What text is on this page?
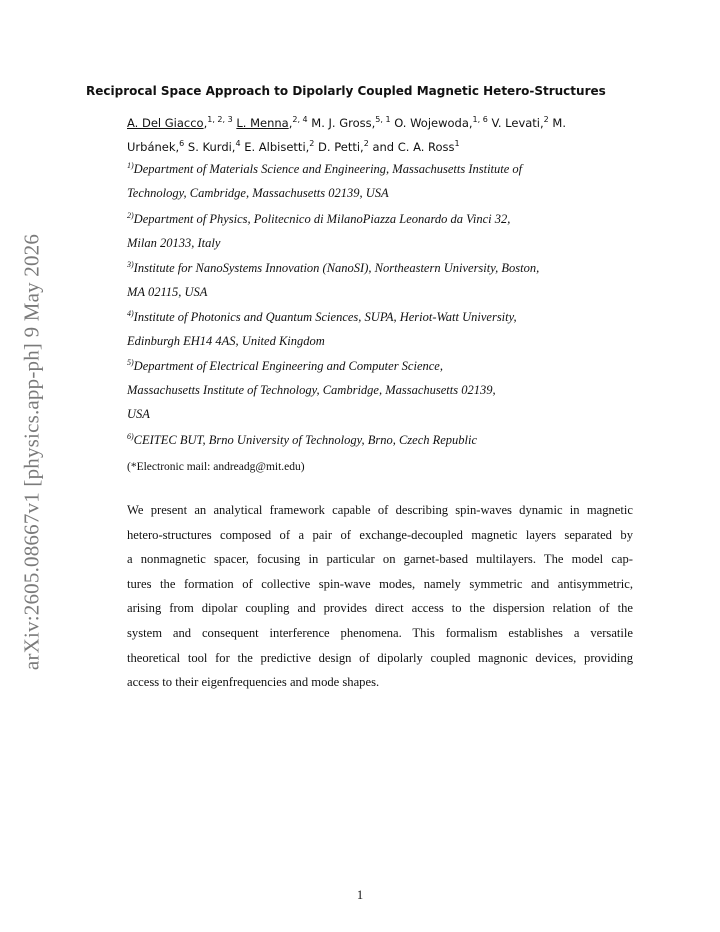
arXiv:2605.08667v1 [physics.app-ph] 9 May 2026
Reciprocal Space Approach to Dipolarly Coupled Magnetic Hetero-Structures
A. Del Giacco,$^{1, 2, 3}$ L. Menna,$^{2, 4}$ M. J. Gross,$^{5, 1}$ O. Wojewoda,$^{1, 6}$ V. Levati,$^2$ M. Urbánek,$^6$ S. Kurdi,$^4$ E. Albisetti,$^2$ D. Petti,$^2$ and C. A. Ross$^1$
$^{1)}$Department of Materials Science and Engineering, Massachusetts Institute of
Technology, Cambridge, Massachusetts 02139, USA
$^{2)}$Department of Physics, Politecnico di MilanoPiazza Leonardo da Vinci 32,
Milan 20133, Italy
$^{3)}$Institute for NanoSystems Innovation (NanoSI), Northeastern University, Boston,
MA 02115, USA
$^{4)}$Institute of Photonics and Quantum Sciences, SUPA, Heriot-Watt University,
Edinburgh EH14 4AS, United Kingdom
$^{5)}$Department of Electrical Engineering and Computer Science,
Massachusetts Institute of Technology, Cambridge, Massachusetts 02139,
USA
$^{6)}$CEITEC BUT, Brno University of Technology, Brno, Czech Republic
(*Electronic mail: andreadg@mit.edu)
We present an analytical framework capable of describing spin-waves dynamic in magnetic
hetero-structures composed of a pair of exchange-decoupled magnetic layers separated by
a nonmagnetic spacer, focusing in particular on garnet-based multilayers. The model cap-
tures the formation of collective spin-wave modes, namely symmetric and antisymmetric,
arising from dipolar coupling and provides direct access to the dispersion relation of the
system and consequent interference phenomena. This formalism establishes a versatile
theoretical tool for the predictive design of dipolarly coupled magnonic devices, providing
access to their eigenfrequencies and mode shapes.
1
